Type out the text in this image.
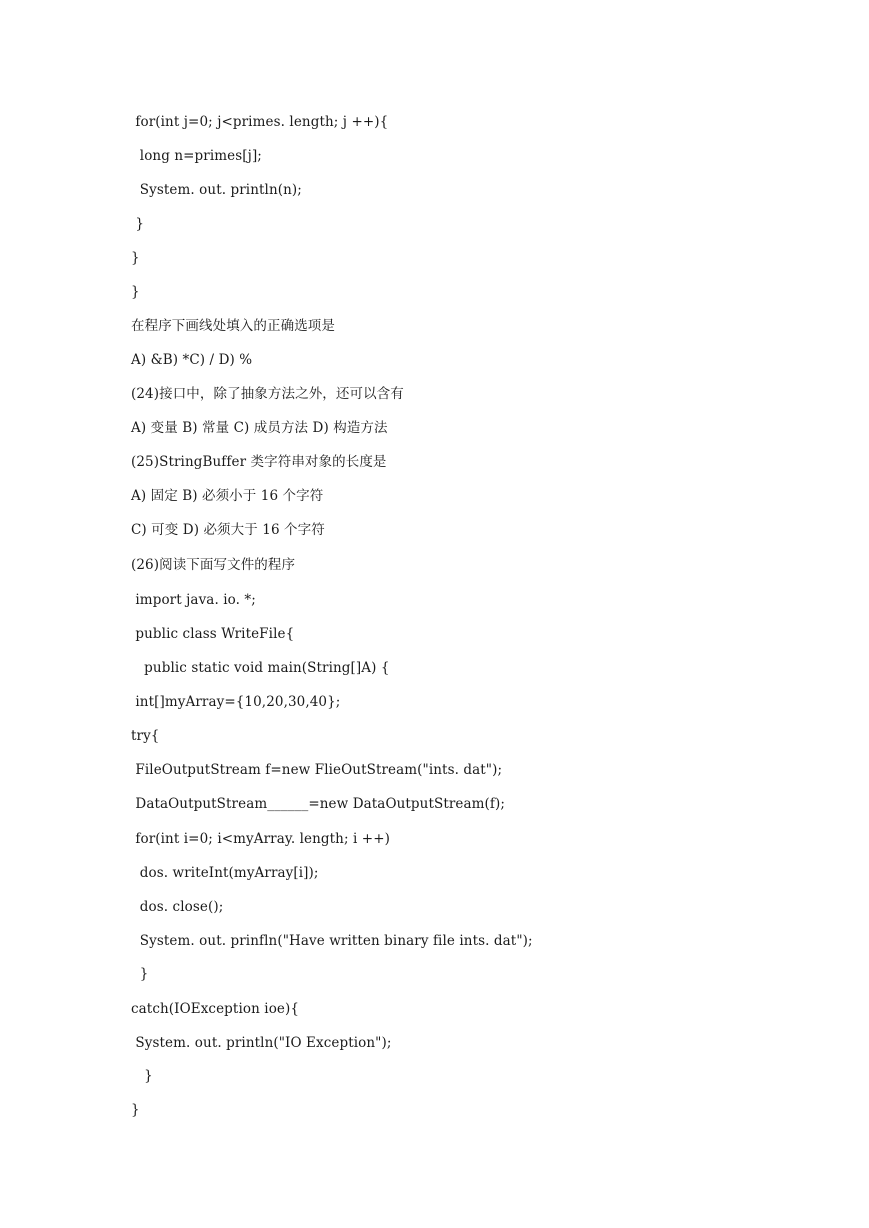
for(int j=0; j<primes. length; j ++){
long n=primes[j];
System. out. println(n);
}
}
}
在程序下画线处填入的正确选项是
A) &B) *C) / D) %
(24)接口中，除了抽象方法之外，还可以含有
A) 变量 B) 常量 C) 成员方法 D) 构造方法
(25)StringBuffer 类字符串对象的长度是
A) 固定 B) 必须小于 16 个字符
C) 可变 D) 必须大于 16 个字符
(26)阅读下面写文件的程序
import java. io. *;
public class WriteFile{
public static void main(String[]A) {
int[]myArray={10,20,30,40};
try{
FileOutputStream f=new FlieOutStream("ints. dat");
DataOutputStream______=new DataOutputStream(f);
for(int i=0; i<myArray. length; i ++)
dos. writeInt(myArray[i]);
dos. close();
System. out. prinfln("Have written binary file ints. dat");
}
catch(IOException ioe){
System. out. println("IO Exception");
}
}
